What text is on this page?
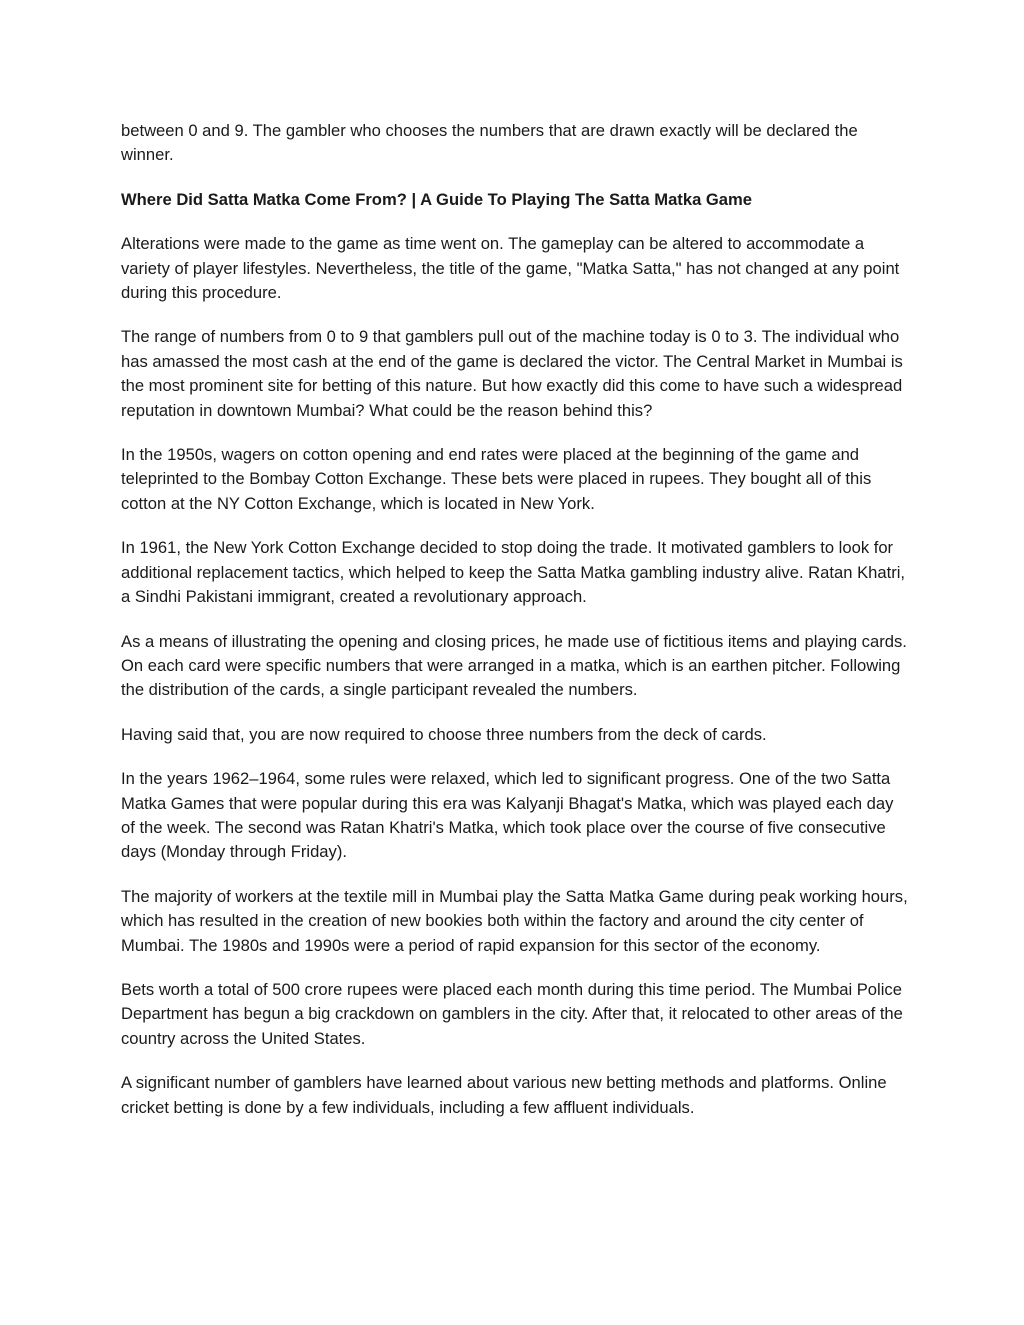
between 0 and 9. The gambler who chooses the numbers that are drawn exactly will be declared the winner.

Where Did Satta Matka Come From? | A Guide To Playing The Satta Matka Game

Alterations were made to the game as time went on. The gameplay can be altered to accommodate a variety of player lifestyles. Nevertheless, the title of the game, "Matka Satta," has not changed at any point during this procedure.

The range of numbers from 0 to 9 that gamblers pull out of the machine today is 0 to 3. The individual who has amassed the most cash at the end of the game is declared the victor. The Central Market in Mumbai is the most prominent site for betting of this nature. But how exactly did this come to have such a widespread reputation in downtown Mumbai? What could be the reason behind this?

In the 1950s, wagers on cotton opening and end rates were placed at the beginning of the game and teleprinted to the Bombay Cotton Exchange. These bets were placed in rupees. They bought all of this cotton at the NY Cotton Exchange, which is located in New York.

In 1961, the New York Cotton Exchange decided to stop doing the trade. It motivated gamblers to look for additional replacement tactics, which helped to keep the Satta Matka gambling industry alive. Ratan Khatri, a Sindhi Pakistani immigrant, created a revolutionary approach.

As a means of illustrating the opening and closing prices, he made use of fictitious items and playing cards. On each card were specific numbers that were arranged in a matka, which is an earthen pitcher. Following the distribution of the cards, a single participant revealed the numbers.

Having said that, you are now required to choose three numbers from the deck of cards.

In the years 1962–1964, some rules were relaxed, which led to significant progress. One of the two Satta Matka Games that were popular during this era was Kalyanji Bhagat's Matka, which was played each day of the week. The second was Ratan Khatri's Matka, which took place over the course of five consecutive days (Monday through Friday).

The majority of workers at the textile mill in Mumbai play the Satta Matka Game during peak working hours, which has resulted in the creation of new bookies both within the factory and around the city center of Mumbai. The 1980s and 1990s were a period of rapid expansion for this sector of the economy.

Bets worth a total of 500 crore rupees were placed each month during this time period. The Mumbai Police Department has begun a big crackdown on gamblers in the city. After that, it relocated to other areas of the country across the United States.

A significant number of gamblers have learned about various new betting methods and platforms. Online cricket betting is done by a few individuals, including a few affluent individuals.
